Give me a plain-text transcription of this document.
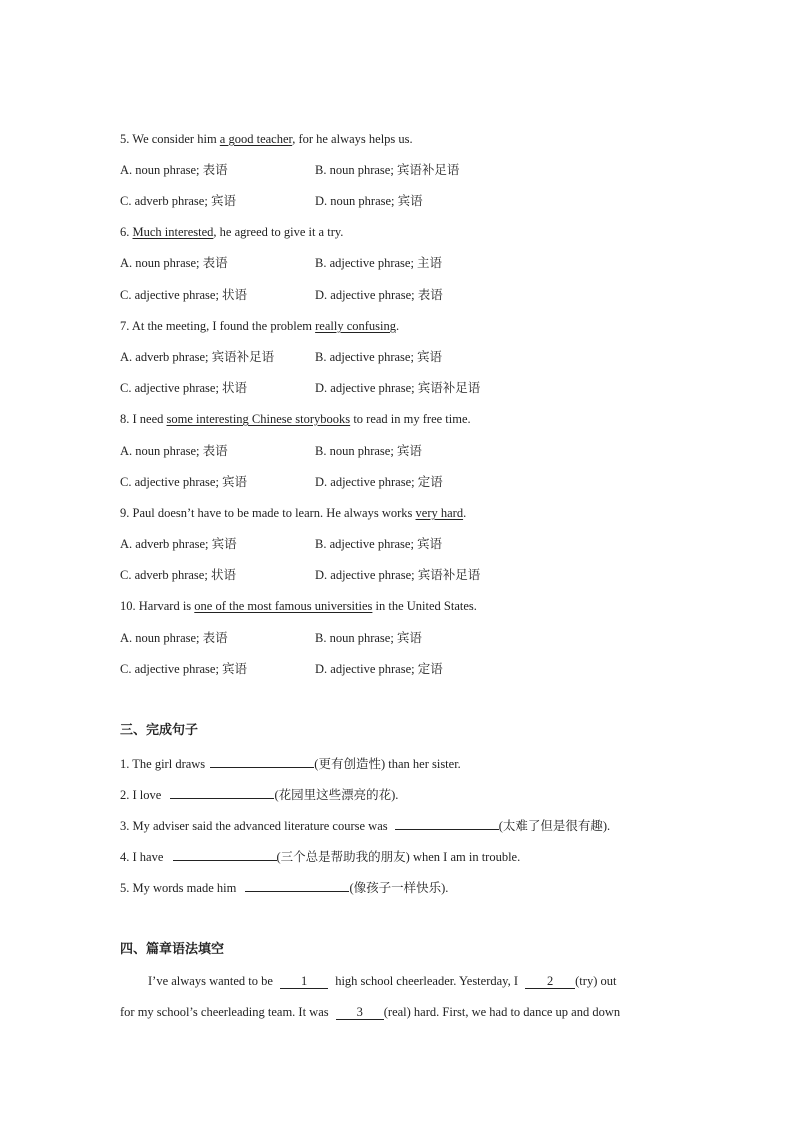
5. We consider him a good teacher, for he always helps us.
A. noun phrase; 表语	B. noun phrase; 宾语补足语
C. adverb phrase; 宾语	D. noun phrase; 宾语
6. Much interested, he agreed to give it a try.
A. noun phrase; 表语	B. adjective phrase; 主语
C. adjective phrase; 状语	D. adjective phrase; 表语
7. At the meeting, I found the problem really confusing.
A. adverb phrase; 宾语补足语	B. adjective phrase; 宾语
C. adjective phrase; 状语	D. adjective phrase; 宾语补足语
8. I need some interesting Chinese storybooks to read in my free time.
A. noun phrase; 表语	B. noun phrase; 宾语
C. adjective phrase; 宾语	D. adjective phrase; 定语
9. Paul doesn’t have to be made to learn. He always works very hard.
A. adverb phrase; 宾语	B. adjective phrase; 宾语
C. adverb phrase; 状语	D. adjective phrase; 宾语补足语
10. Harvard is one of the most famous universities in the United States.
A. noun phrase; 表语	B. noun phrase; 宾语
C. adjective phrase; 宾语	D. adjective phrase; 定语
三、完成句子
1. The girl draws	(更有创造性) than her sister.
2. I love	(花园里这些漂亮的花).
3. My adviser said the advanced literature course was	(太难了但是很有趣).
4. I have	(三个总是帮助我的朋友) when I am in trouble.
5. My words made him	(像孩子一样快乐).
四、篇章语法填空
I’ve always wanted to be 1 high school cheerleader. Yesterday, I 2 (try) out
for my school’s cheerleading team. It was 3 (real) hard. First, we had to dance up and down
